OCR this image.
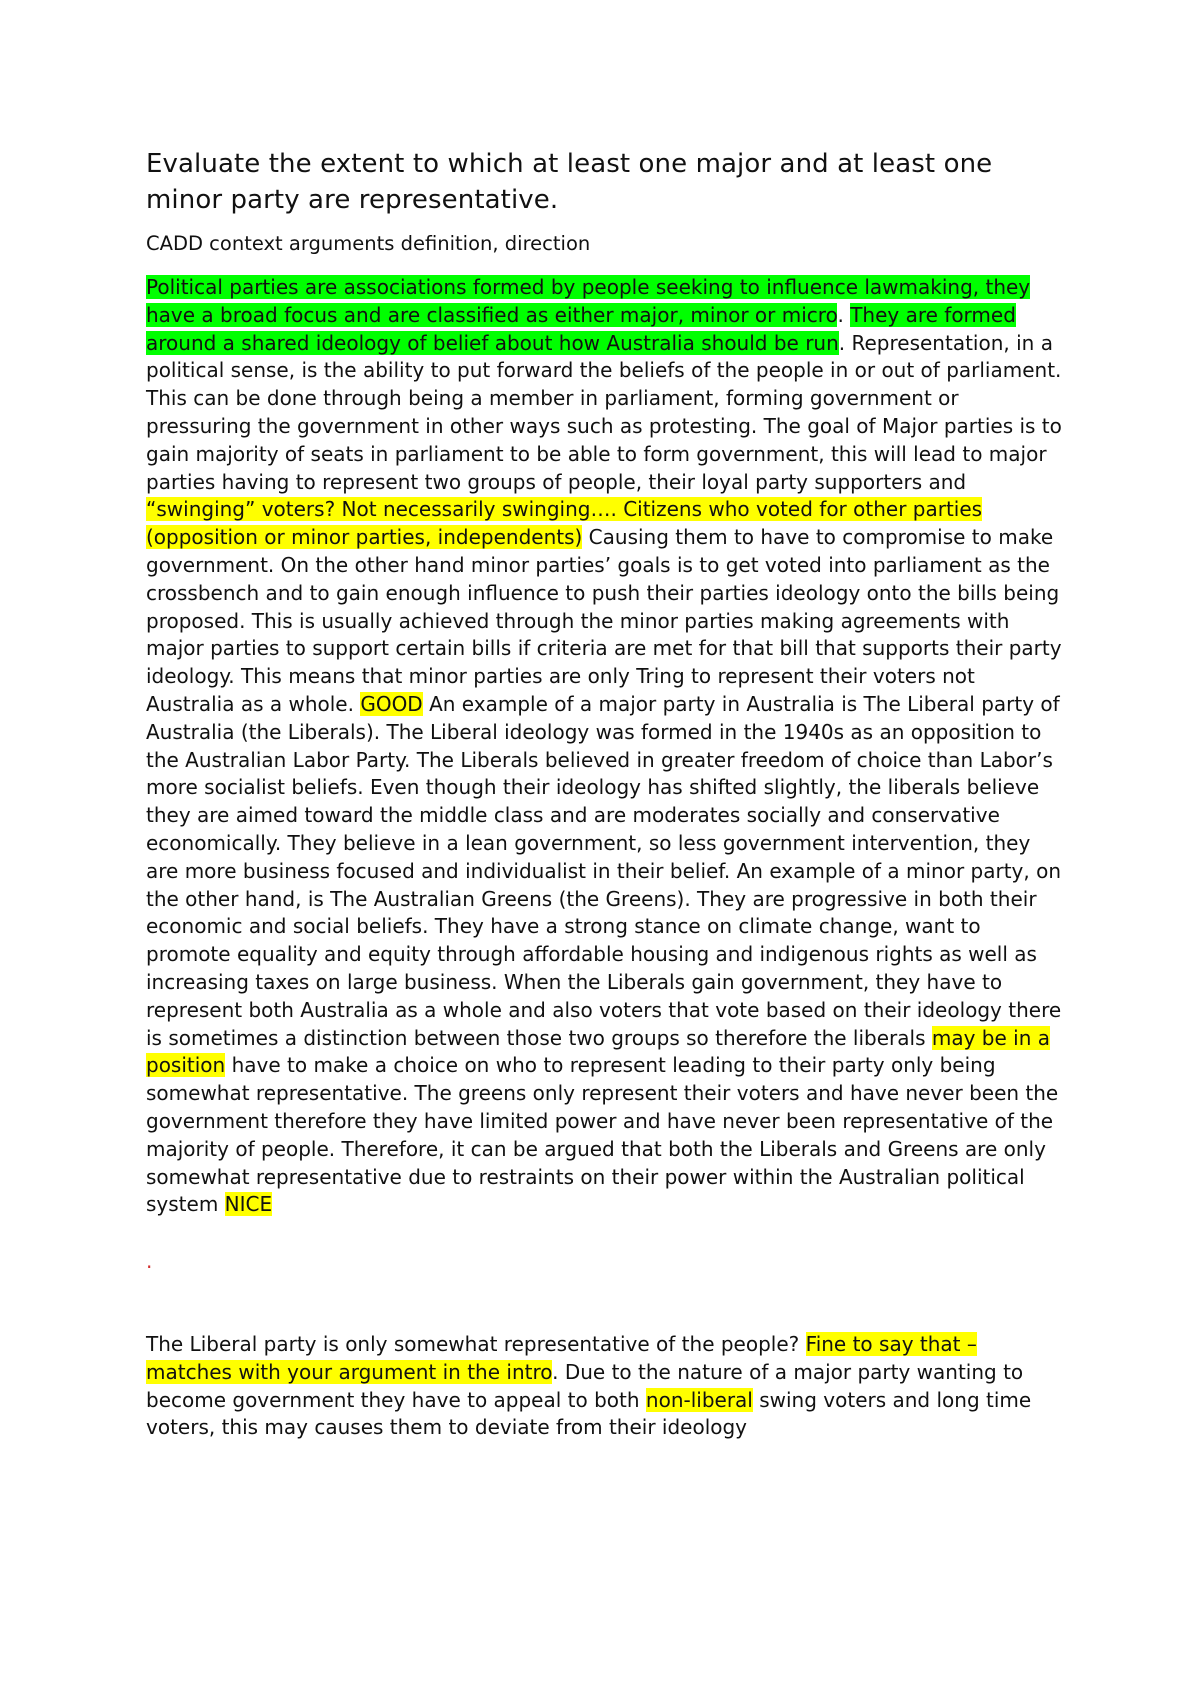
Evaluate the extent to which at least one major and at least one minor party are representative.

CADD context arguments definition, direction

Political parties are associations formed by people seeking to influence lawmaking, they have a broad focus and are classified as either major, minor or micro. They are formed around a shared ideology of belief about how Australia should be run. Representation, in a political sense, is the ability to put forward the beliefs of the people in or out of parliament. This can be done through being a member in parliament, forming government or pressuring the government in other ways such as protesting. The goal of Major parties is to gain majority of seats in parliament to be able to form government, this will lead to major parties having to represent two groups of people, their loyal party supporters and “swinging” voters? Not necessarily swinging…. Citizens who voted for other parties (opposition or minor parties, independents) Causing them to have to compromise to make government. On the other hand minor parties’ goals is to get voted into parliament as the crossbench and to gain enough influence to push their parties ideology onto the bills being proposed. This is usually achieved through the minor parties making agreements with major parties to support certain bills if criteria are met for that bill that supports their party ideology. This means that minor parties are only Tring to represent their voters not Australia as a whole. GOOD An example of a major party in Australia is The Liberal party of Australia (the Liberals). The Liberal ideology was formed in the 1940s as an opposition to the Australian Labor Party. The Liberals believed in greater freedom of choice than Labor’s more socialist beliefs. Even though their ideology has shifted slightly, the liberals believe they are aimed toward the middle class and are moderates socially and conservative economically. They believe in a lean government, so less government intervention, they are more business focused and individualist in their belief. An example of a minor party, on the other hand, is The Australian Greens (the Greens). They are progressive in both their economic and social beliefs. They have a strong stance on climate change, want to promote equality and equity through affordable housing and indigenous rights as well as increasing taxes on large business. When the Liberals gain government, they have to represent both Australia as a whole and also voters that vote based on their ideology there is sometimes a distinction between those two groups so therefore the liberals may be in a position have to make a choice on who to represent leading to their party only being somewhat representative. The greens only represent their voters and have never been the government therefore they have limited power and have never been representative of the majority of people. Therefore, it can be argued that both the Liberals and Greens are only somewhat representative due to restraints on their power within the Australian political system NICE

.

The Liberal party is only somewhat representative of the people? Fine to say that – matches with your argument in the intro. Due to the nature of a major party wanting to become government they have to appeal to both non-liberal swing voters and long time voters, this may causes them to deviate from their ideology
